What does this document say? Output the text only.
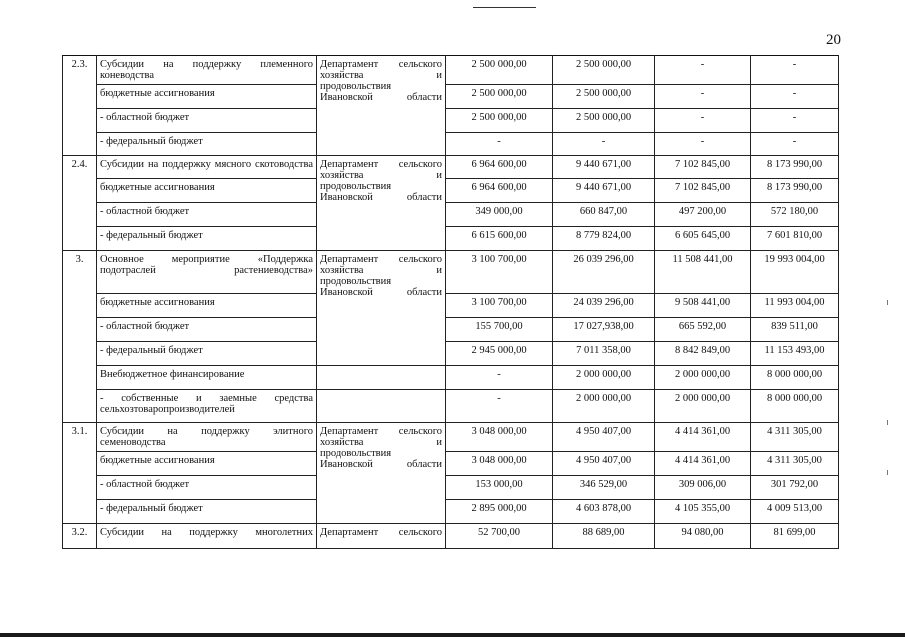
20
2.3.	Субсидии на поддержку племенного коневодства	Департамент сельского хозяйства и продовольствия Ивановской области	2 500 000,00	2 500 000,00	-	-
	бюджетные ассигнования		2 500 000,00	2 500 000,00	-	-
	- областной бюджет		2 500 000,00	2 500 000,00	-	-
	- федеральный бюджет		-	-	-	-
2.4.	Субсидии на поддержку мясного скотоводства	Департамент сельского хозяйства и продовольствия Ивановской области	6 964 600,00	9 440 671,00	7 102 845,00	8 173 990,00
	бюджетные ассигнования		6 964 600,00	9 440 671,00	7 102 845,00	8 173 990,00
	- областной бюджет		349 000,00	660 847,00	497 200,00	572 180,00
	- федеральный бюджет		6 615 600,00	8 779 824,00	6 605 645,00	7 601 810,00
3.	Основное мероприятие «Поддержка подотраслей растениеводства»	Департамент сельского хозяйства и продовольствия Ивановской области	3 100 700,00	26 039 296,00	11 508 441,00	19 993 004,00
	бюджетные ассигнования		3 100 700,00	24 039 296,00	9 508 441,00	11 993 004,00
	- областной бюджет		155 700,00	17 027,938,00	665 592,00	839 511,00
	- федеральный бюджет		2 945 000,00	7 011 358,00	8 842 849,00	11 153 493,00
	Внебюджетное финансирование		-	2 000 000,00	2 000 000,00	8 000 000,00
	- собственные и заемные средства сельхозтоваропроизводителей		-	2 000 000,00	2 000 000,00	8 000 000,00
3.1.	Субсидии на поддержку элитного семеноводства	Департамент сельского хозяйства и продовольствия Ивановской области	3 048 000,00	4 950 407,00	4 414 361,00	4 311 305,00
	бюджетные ассигнования		3 048 000,00	4 950 407,00	4 414 361,00	4 311 305,00
	- областной бюджет		153 000,00	346 529,00	309 006,00	301 792,00
	- федеральный бюджет		2 895 000,00	4 603 878,00	4 105 355,00	4 009 513,00
3.2.	Субсидии на поддержку многолетних	Департамент сельского	52 700,00	88 689,00	94 080,00	81 699,00
